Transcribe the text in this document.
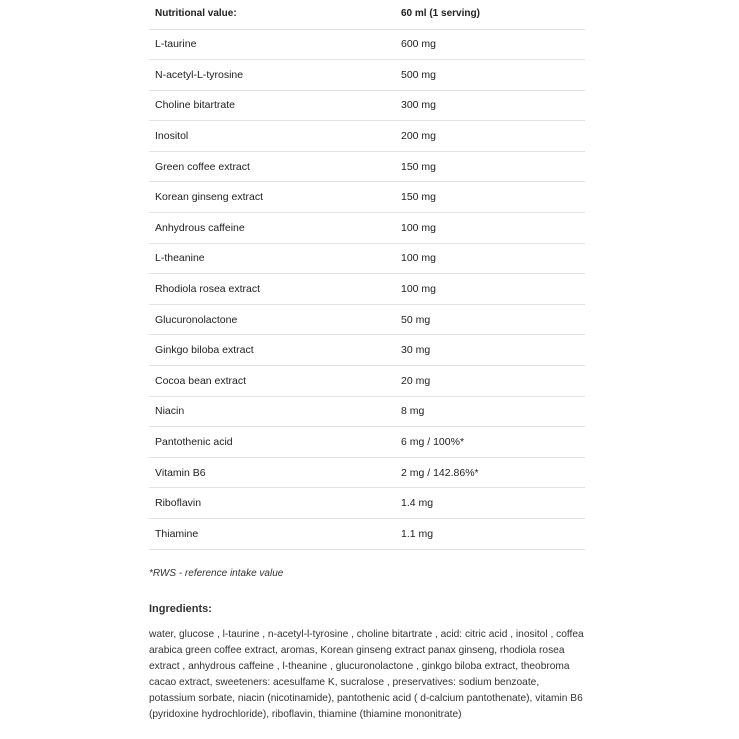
Nutritional value:	60 ml (1 serving)
L-taurine	600 mg
N-acetyl-L-tyrosine	500 mg
Choline bitartrate	300 mg
Inositol	200 mg
Green coffee extract	150 mg
Korean ginseng extract	150 mg
Anhydrous caffeine	100 mg
L-theanine	100 mg
Rhodiola rosea extract	100 mg
Glucuronolactone	50 mg
Ginkgo biloba extract	30 mg
Cocoa bean extract	20 mg
Niacin	8 mg
Pantothenic acid	6 mg / 100%*
Vitamin B6	2 mg / 142.86%*
Riboflavin	1.4 mg
Thiamine	1.1 mg
*RWS - reference intake value
Ingredients:
water, glucose , l-taurine , n-acetyl-l-tyrosine , choline bitartrate , acid: citric acid , inositol , coffea arabica green coffee extract, aromas, Korean ginseng extract panax ginseng, rhodiola rosea extract , anhydrous caffeine , l-theanine , glucuronolactone , ginkgo biloba extract, theobroma cacao extract, sweeteners: acesulfame K, sucralose , preservatives: sodium benzoate, potassium sorbate, niacin (nicotinamide), pantothenic acid ( d-calcium pantothenate), vitamin B6 (pyridoxine hydrochloride), riboflavin, thiamine (thiamine mononitrate)
